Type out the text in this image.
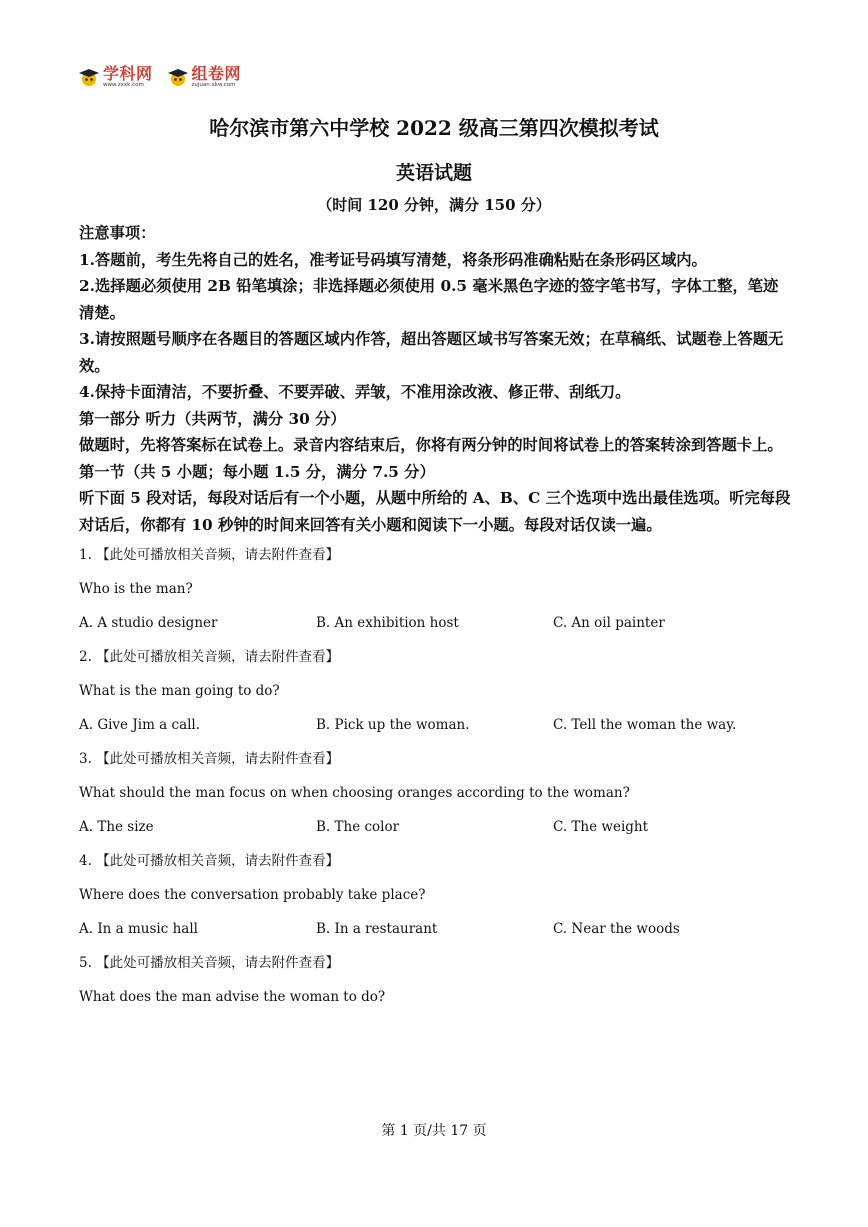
学科网
www.zxxk.com
组卷网
zujuan.xkw.com
哈尔滨市第六中学校 2022 级高三第四次模拟考试
英语试题
（时间 120 分钟，满分 150 分）

注意事项：

1.答题前，考生先将自己的姓名，准考证号码填写清楚，将条形码准确粘贴在条形码区域内。

2.选择题必须使用 2B 铅笔填涂；非选择题必须使用 0.5 毫米黑色字迹的签字笔书写，字体工整，笔迹清楚。

3.请按照题号顺序在各题目的答题区域内作答，超出答题区域书写答案无效；在草稿纸、试题卷上答题无效。

4.保持卡面清洁，不要折叠、不要弄破、弄皱，不准用涂改液、修正带、刮纸刀。

第一部分 听力（共两节，满分 30 分）

做题时，先将答案标在试卷上。录音内容结束后，你将有两分钟的时间将试卷上的答案转涂到答题卡上。

第一节（共 5 小题；每小题 1.5 分，满分 7.5 分）

听下面 5 段对话，每段对话后有一个小题，从题中所给的 A、B、C 三个选项中选出最佳选项。听完每段对话后，你都有 10 秒钟的时间来回答有关小题和阅读下一小题。每段对话仅读一遍。

1. 【此处可播放相关音频，请去附件查看】

Who is the man?

A. A studio designer	B. An exhibition host	C. An oil painter

2. 【此处可播放相关音频，请去附件查看】

What is the man going to do?

A. Give Jim a call.	B. Pick up the woman.	C. Tell the woman the way.

3. 【此处可播放相关音频，请去附件查看】

What should the man focus on when choosing oranges according to the woman?

A. The size	B. The color	C. The weight

4. 【此处可播放相关音频，请去附件查看】

Where does the conversation probably take place?

A. In a music hall	B. In a restaurant	C. Near the woods

5. 【此处可播放相关音频，请去附件查看】

What does the man advise the woman to do?

第 1 页/共 17 页
